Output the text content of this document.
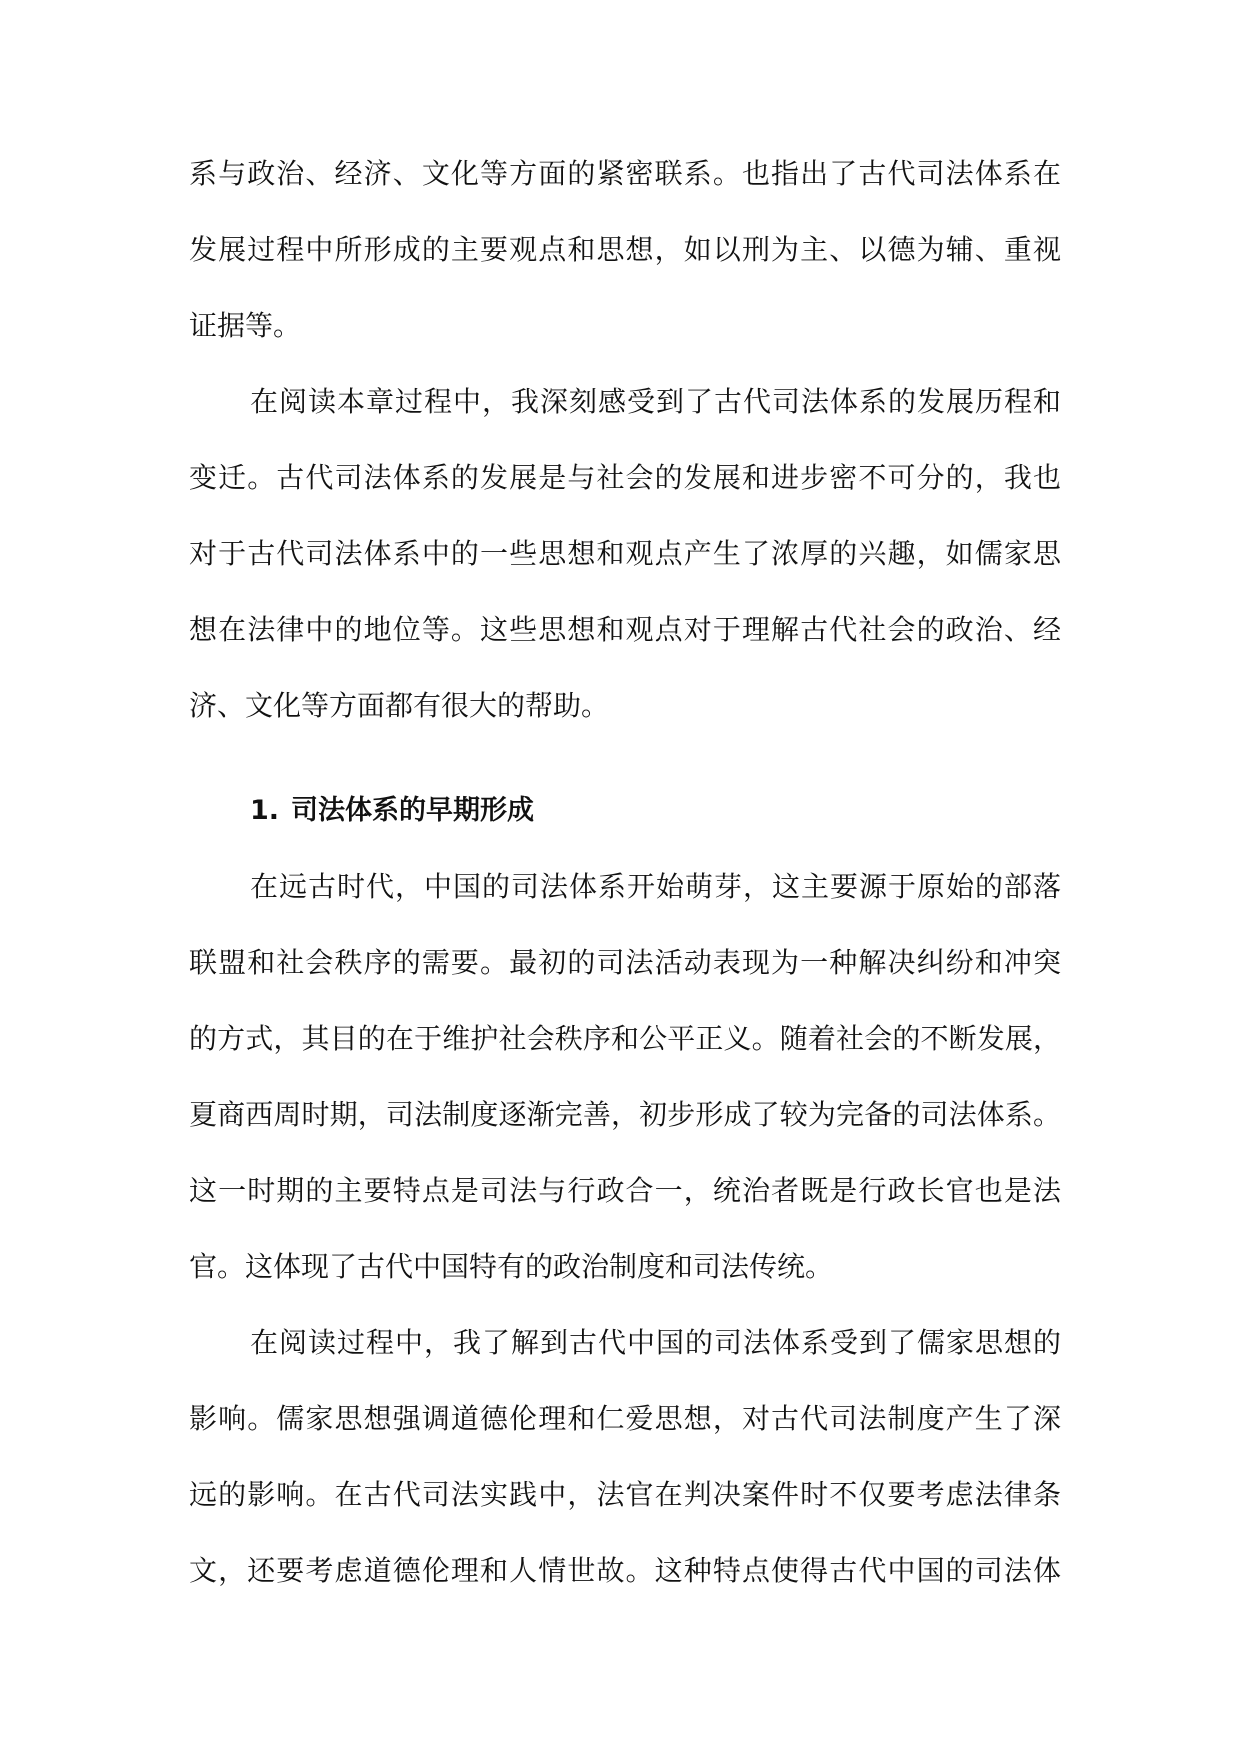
系与政治、经济、文化等方面的紧密联系。也指出了古代司法体系在
发展过程中所形成的主要观点和思想，如以刑为主、以德为辅、重视
证据等。
在阅读本章过程中，我深刻感受到了古代司法体系的发展历程和
变迁。古代司法体系的发展是与社会的发展和进步密不可分的，我也
对于古代司法体系中的一些思想和观点产生了浓厚的兴趣，如儒家思
想在法律中的地位等。这些思想和观点对于理解古代社会的政治、经
济、文化等方面都有很大的帮助。
1. 司法体系的早期形成
在远古时代，中国的司法体系开始萌芽，这主要源于原始的部落
联盟和社会秩序的需要。最初的司法活动表现为一种解决纠纷和冲突
的方式，其目的在于维护社会秩序和公平正义。随着社会的不断发展，
夏商西周时期，司法制度逐渐完善，初步形成了较为完备的司法体系。
这一时期的主要特点是司法与行政合一，统治者既是行政长官也是法
官。这体现了古代中国特有的政治制度和司法传统。
在阅读过程中，我了解到古代中国的司法体系受到了儒家思想的
影响。儒家思想强调道德伦理和仁爱思想，对古代司法制度产生了深
远的影响。在古代司法实践中，法官在判决案件时不仅要考虑法律条
文，还要考虑道德伦理和人情世故。这种特点使得古代中国的司法体
